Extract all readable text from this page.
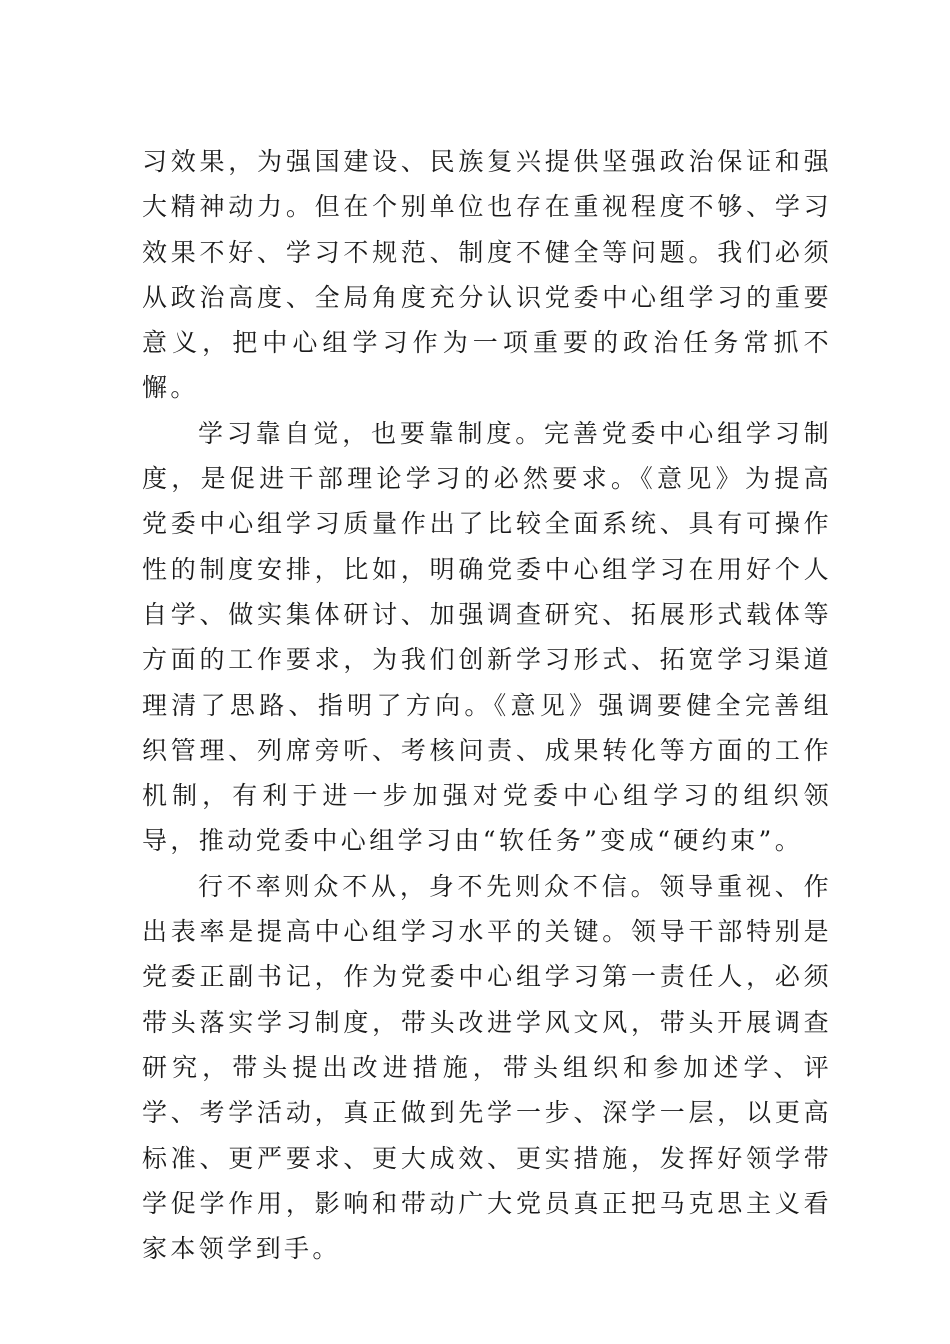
习效果，为强国建设、民族复兴提供坚强政治保证和强大精神动力。但在个别单位也存在重视程度不够、学习效果不好、学习不规范、制度不健全等问题。我们必须从政治高度、全局角度充分认识党委中心组学习的重要意义，把中心组学习作为一项重要的政治任务常抓不懈。

学习靠自觉，也要靠制度。完善党委中心组学习制度，是促进干部理论学习的必然要求。《意见》为提高党委中心组学习质量作出了比较全面系统、具有可操作性的制度安排，比如，明确党委中心组学习在用好个人自学、做实集体研讨、加强调查研究、拓展形式载体等方面的工作要求，为我们创新学习形式、拓宽学习渠道理清了思路、指明了方向。《意见》强调要健全完善组织管理、列席旁听、考核问责、成果转化等方面的工作机制，有利于进一步加强对党委中心组学习的组织领导，推动党委中心组学习由“软任务”变成“硬约束”。

行不率则众不从，身不先则众不信。领导重视、作出表率是提高中心组学习水平的关键。领导干部特别是党委正副书记，作为党委中心组学习第一责任人，必须带头落实学习制度，带头改进学风文风，带头开展调查研究，带头提出改进措施，带头组织和参加述学、评学、考学活动，真正做到先学一步、深学一层，以更高标准、更严要求、更大成效、更实措施，发挥好领学带学促学作用，影响和带动广大党员真正把马克思主义看家本领学到手。
